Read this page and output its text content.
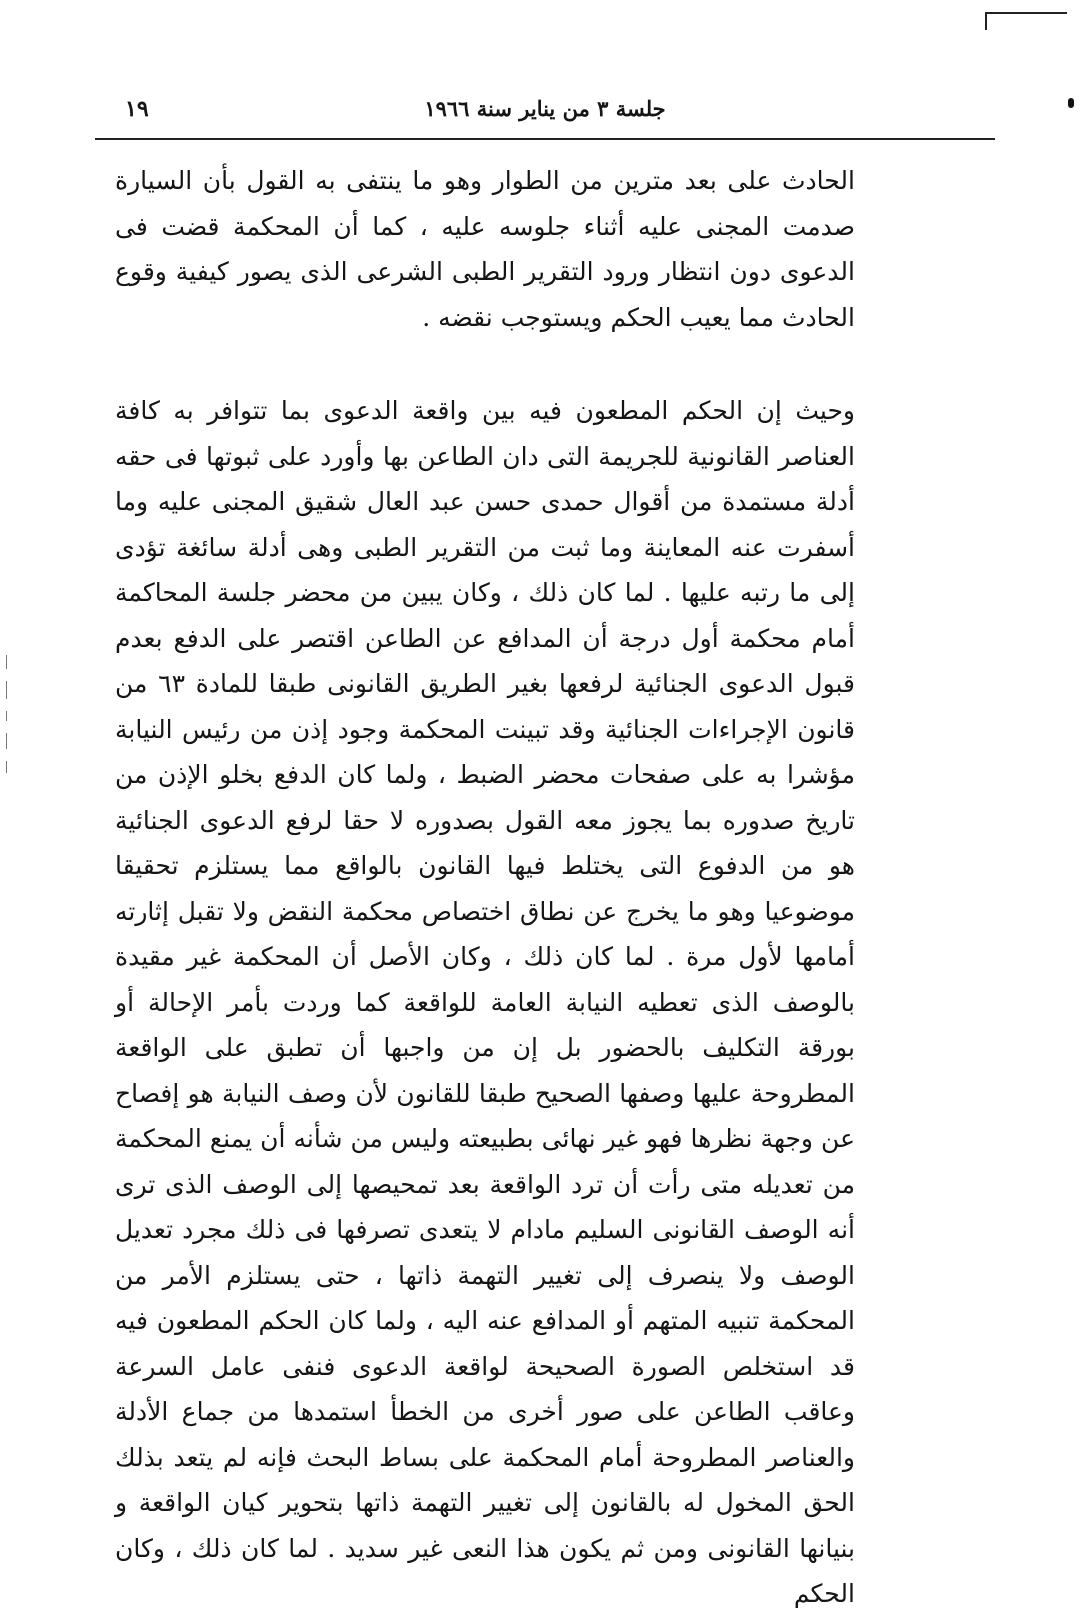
١٩	جلسة ٣ من يناير سنة ١٩٦٦

الحادث على بعد مترين من الطوار وهو ما ينتفى به القول بأن السيارة صدمت المجنى عليه أثناء جلوسه عليه ، كما أن المحكمة قضت فى الدعوى دون انتظار ورود التقرير الطبى الشرعى الذى يصور كيفية وقوع الحادث مما يعيب الحكم ويستوجب نقضه .

وحيث إن الحكم المطعون فيه بين واقعة الدعوى بما تتوافر به كافة العناصر القانونية للجريمة التى دان الطاعن بها وأورد على ثبوتها فى حقه أدلة مستمدة من أقوال حمدى حسن عبد العال شقيق المجنى عليه وما أسفرت عنه المعاينة وما ثبت من التقرير الطبى وهى أدلة سائغة تؤدى إلى ما رتبه عليها . لما كان ذلك ، وكان يبين من محضر جلسة المحاكمة أمام محكمة أول درجة أن المدافع عن الطاعن اقتصر على الدفع بعدم قبول الدعوى الجنائية لرفعها بغير الطريق القانونى طبقا للمادة ٦٣ من قانون الإجراءات الجنائية وقد تبينت المحكمة وجود إذن من رئيس النيابة مؤشرا به على صفحات محضر الضبط ، ولما كان الدفع بخلو الإذن من تاريخ صدوره بما يجوز معه القول بصدوره لا حقا لرفع الدعوى الجنائية هو من الدفوع التى يختلط فيها القانون بالواقع مما يستلزم تحقيقا موضوعيا وهو ما يخرج عن نطاق اختصاص محكمة النقض ولا تقبل إثارته أمامها لأول مرة . لما كان ذلك ، وكان الأصل أن المحكمة غير مقيدة بالوصف الذى تعطيه النيابة العامة للواقعة كما وردت بأمر الإحالة أو بورقة التكليف بالحضور بل إن من واجبها أن تطبق على الواقعة المطروحة عليها وصفها الصحيح طبقا للقانون لأن وصف النيابة هو إفصاح عن وجهة نظرها فهو غير نهائى بطبيعته وليس من شأنه أن يمنع المحكمة من تعديله متى رأت أن ترد الواقعة بعد تمحيصها إلى الوصف الذى ترى أنه الوصف القانونى السليم مادام لا يتعدى تصرفها فى ذلك مجرد تعديل الوصف ولا ينصرف إلى تغيير التهمة ذاتها ، حتى يستلزم الأمر من المحكمة تنبيه المتهم أو المدافع عنه اليه ، ولما كان الحكم المطعون فيه قد استخلص الصورة الصحيحة لواقعة الدعوى فنفى عامل السرعة وعاقب الطاعن على صور أخرى من الخطأ استمدها من جماع الأدلة والعناصر المطروحة أمام المحكمة على بساط البحث فإنه لم يتعد بذلك الحق المخول له بالقانون إلى تغيير التهمة ذاتها بتحوير كيان الواقعة و بنيانها القانونى ومن ثم يكون هذا النعى غير سديد . لما كان ذلك ، وكان الحكم
